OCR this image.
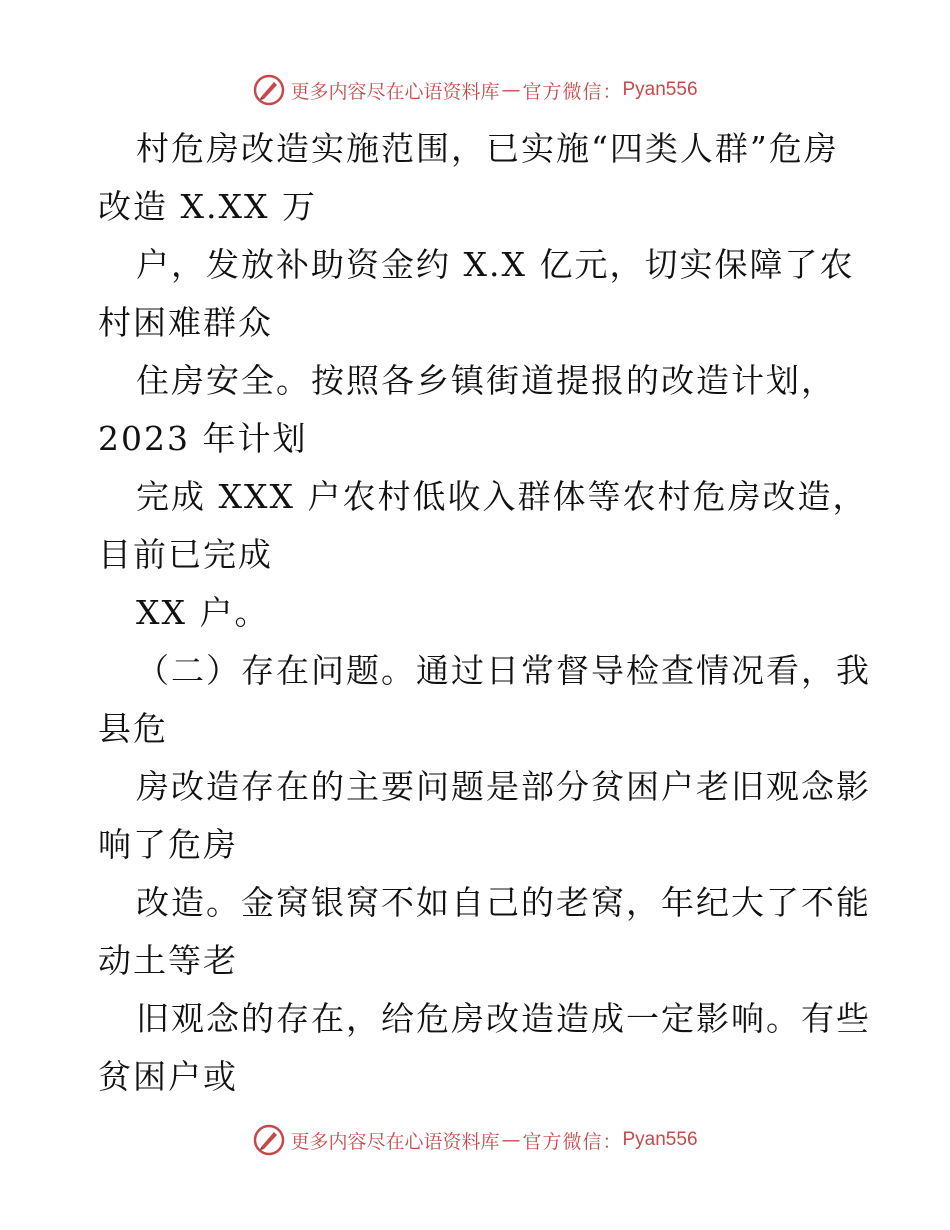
更多内容尽在心语资料库 — 官方微信： Pyan556
村危房改造实施范围，已实施“四类人群”危房
改造 X.XX 万
户，发放补助资金约 X.X 亿元，切实保障了农
村困难群众
住房安全。按照各乡镇街道提报的改造计划，
2023 年计划
完成 XXX 户农村低收入群体等农村危房改造，
目前已完成
XX 户。
（二）存在问题。通过日常督导检查情况看，我
县危
房改造存在的主要问题是部分贫困户老旧观念影
响了危房
改造。金窝银窝不如自己的老窝，年纪大了不能
动土等老
旧观念的存在，给危房改造造成一定影响。有些
贫困户或
更多内容尽在心语资料库 — 官方微信： Pyan556
